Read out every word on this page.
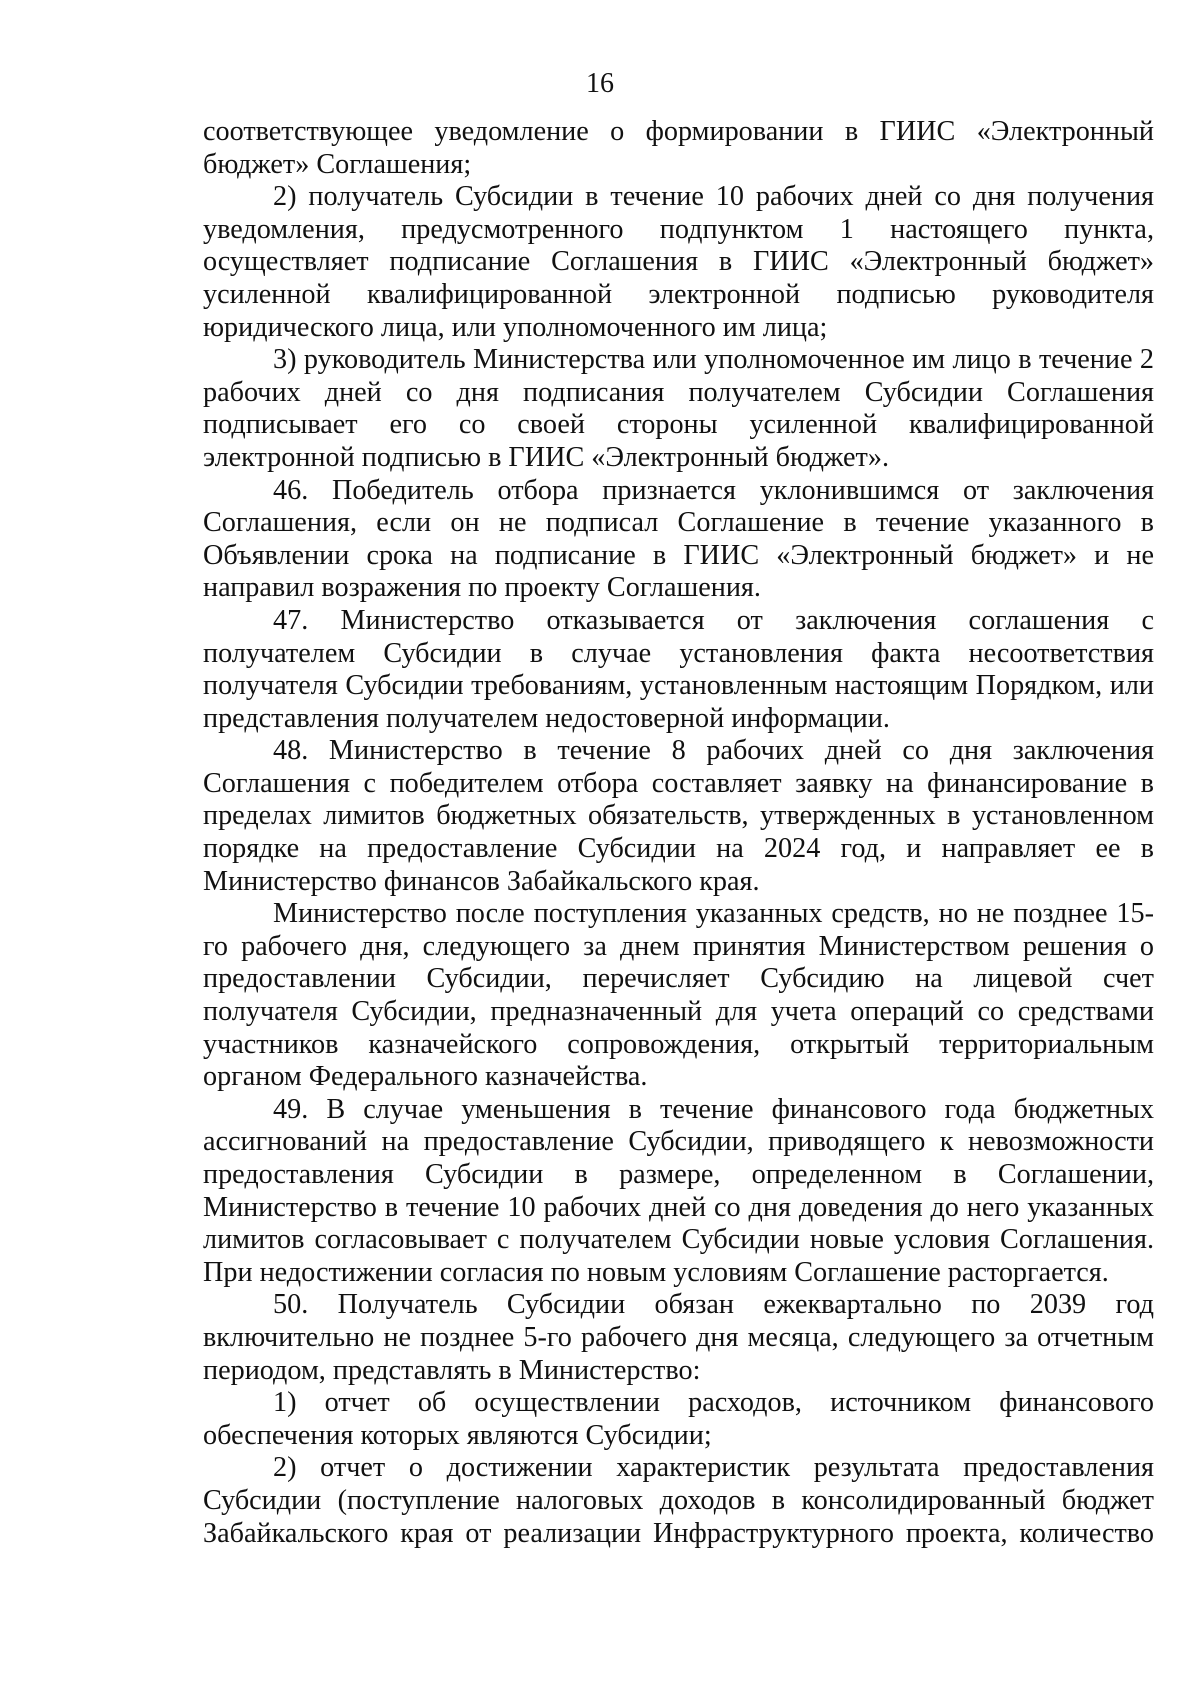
16

соответствующее уведомление о формировании в ГИИС «Электронный бюджет» Соглашения;

2) получатель Субсидии в течение 10 рабочих дней со дня получения уведомления, предусмотренного подпунктом 1 настоящего пункта, осуществляет подписание Соглашения в ГИИС «Электронный бюджет» усиленной квалифицированной электронной подписью руководителя юридического лица, или уполномоченного им лица;

3) руководитель Министерства или уполномоченное им лицо в течение 2 рабочих дней со дня подписания получателем Субсидии Соглашения подписывает его со своей стороны усиленной квалифицированной электронной подписью в ГИИС «Электронный бюджет».

46. Победитель отбора признается уклонившимся от заключения Соглашения, если он не подписал Соглашение в течение указанного в Объявлении срока на подписание в ГИИС «Электронный бюджет» и не направил возражения по проекту Соглашения.

47. Министерство отказывается от заключения соглашения с получателем Субсидии в случае установления факта несоответствия получателя Субсидии требованиям, установленным настоящим Порядком, или представления получателем недостоверной информации.

48. Министерство в течение 8 рабочих дней со дня заключения Соглашения с победителем отбора составляет заявку на финансирование в пределах лимитов бюджетных обязательств, утвержденных в установленном порядке на предоставление Субсидии на 2024 год, и направляет ее в Министерство финансов Забайкальского края.

Министерство после поступления указанных средств, но не позднее 15-го рабочего дня, следующего за днем принятия Министерством решения о предоставлении Субсидии, перечисляет Субсидию на лицевой счет получателя Субсидии, предназначенный для учета операций со средствами участников казначейского сопровождения, открытый территориальным органом Федерального казначейства.

49. В случае уменьшения в течение финансового года бюджетных ассигнований на предоставление Субсидии, приводящего к невозможности предоставления Субсидии в размере, определенном в Соглашении, Министерство в течение 10 рабочих дней со дня доведения до него указанных лимитов согласовывает с получателем Субсидии новые условия Соглашения. При недостижении согласия по новым условиям Соглашение расторгается.

50. Получатель Субсидии обязан ежеквартально по 2039 год включительно не позднее 5-го рабочего дня месяца, следующего за отчетным периодом, представлять в Министерство:

1) отчет об осуществлении расходов, источником финансового обеспечения которых являются Субсидии;

2) отчет о достижении характеристик результата предоставления Субсидии (поступление налоговых доходов в консолидированный бюджет Забайкальского края от реализации Инфраструктурного проекта, количество
